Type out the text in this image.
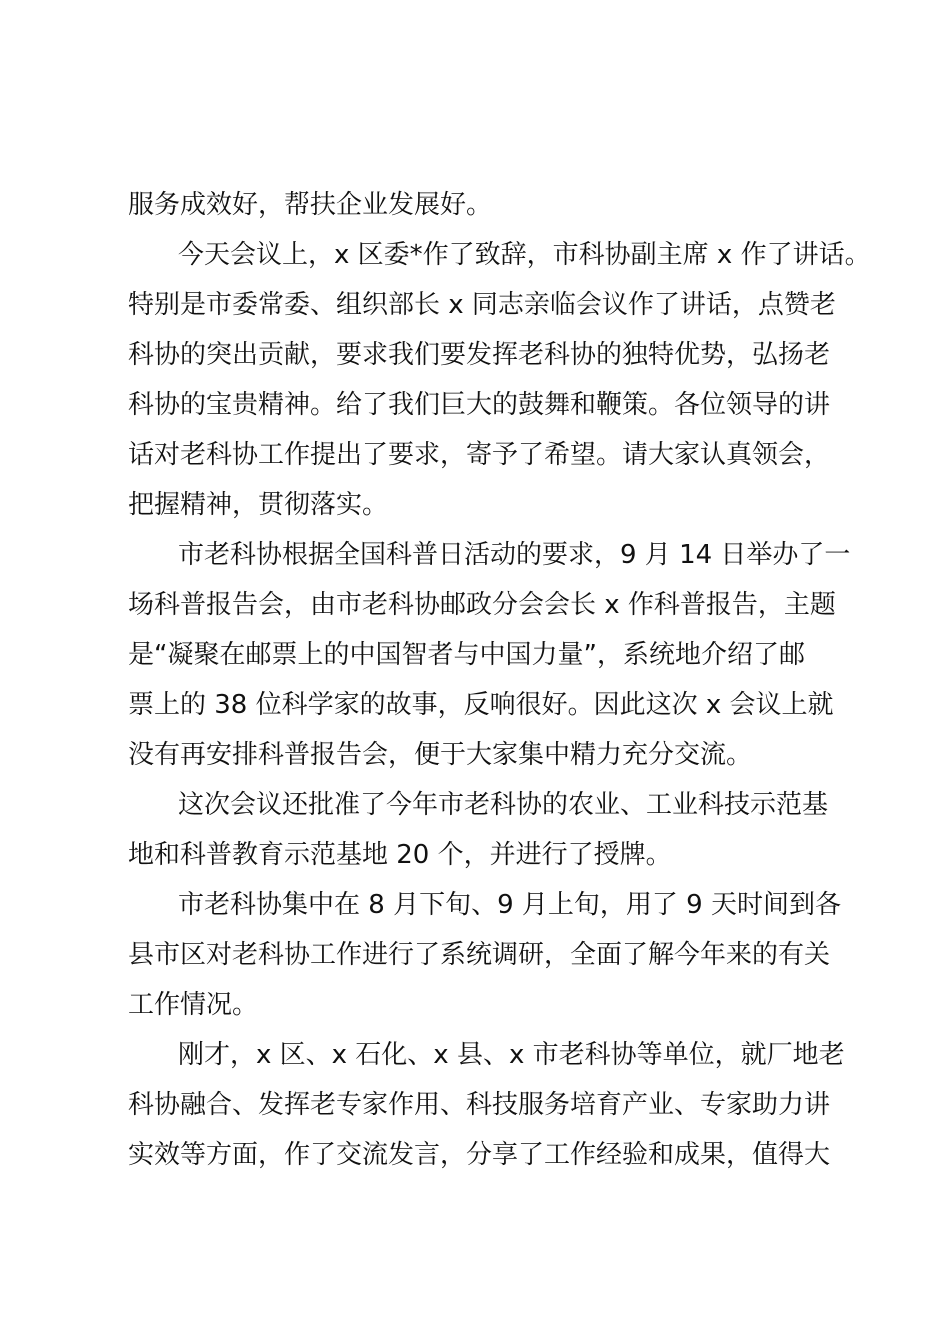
服务成效好，帮扶企业发展好。
今天会议上，x 区委*作了致辞，市科协副主席 x 作了讲话。
特别是市委常委、组织部长 x 同志亲临会议作了讲话，点赞老
科协的突出贡献，要求我们要发挥老科协的独特优势，弘扬老
科协的宝贵精神。给了我们巨大的鼓舞和鞭策。各位领导的讲
话对老科协工作提出了要求，寄予了希望。请大家认真领会，
把握精神，贯彻落实。
市老科协根据全国科普日活动的要求，9 月 14 日举办了一
场科普报告会，由市老科协邮政分会会长 x 作科普报告，主题
是“凝聚在邮票上的中国智者与中国力量”，系统地介绍了邮
票上的 38 位科学家的故事，反响很好。因此这次 x 会议上就
没有再安排科普报告会，便于大家集中精力充分交流。
这次会议还批准了今年市老科协的农业、工业科技示范基
地和科普教育示范基地 20 个，并进行了授牌。
市老科协集中在 8 月下旬、9 月上旬，用了 9 天时间到各
县市区对老科协工作进行了系统调研，全面了解今年来的有关
工作情况。
刚才，x 区、x 石化、x 县、x 市老科协等单位，就厂地老
科协融合、发挥老专家作用、科技服务培育产业、专家助力讲
实效等方面，作了交流发言，分享了工作经验和成果，值得大
